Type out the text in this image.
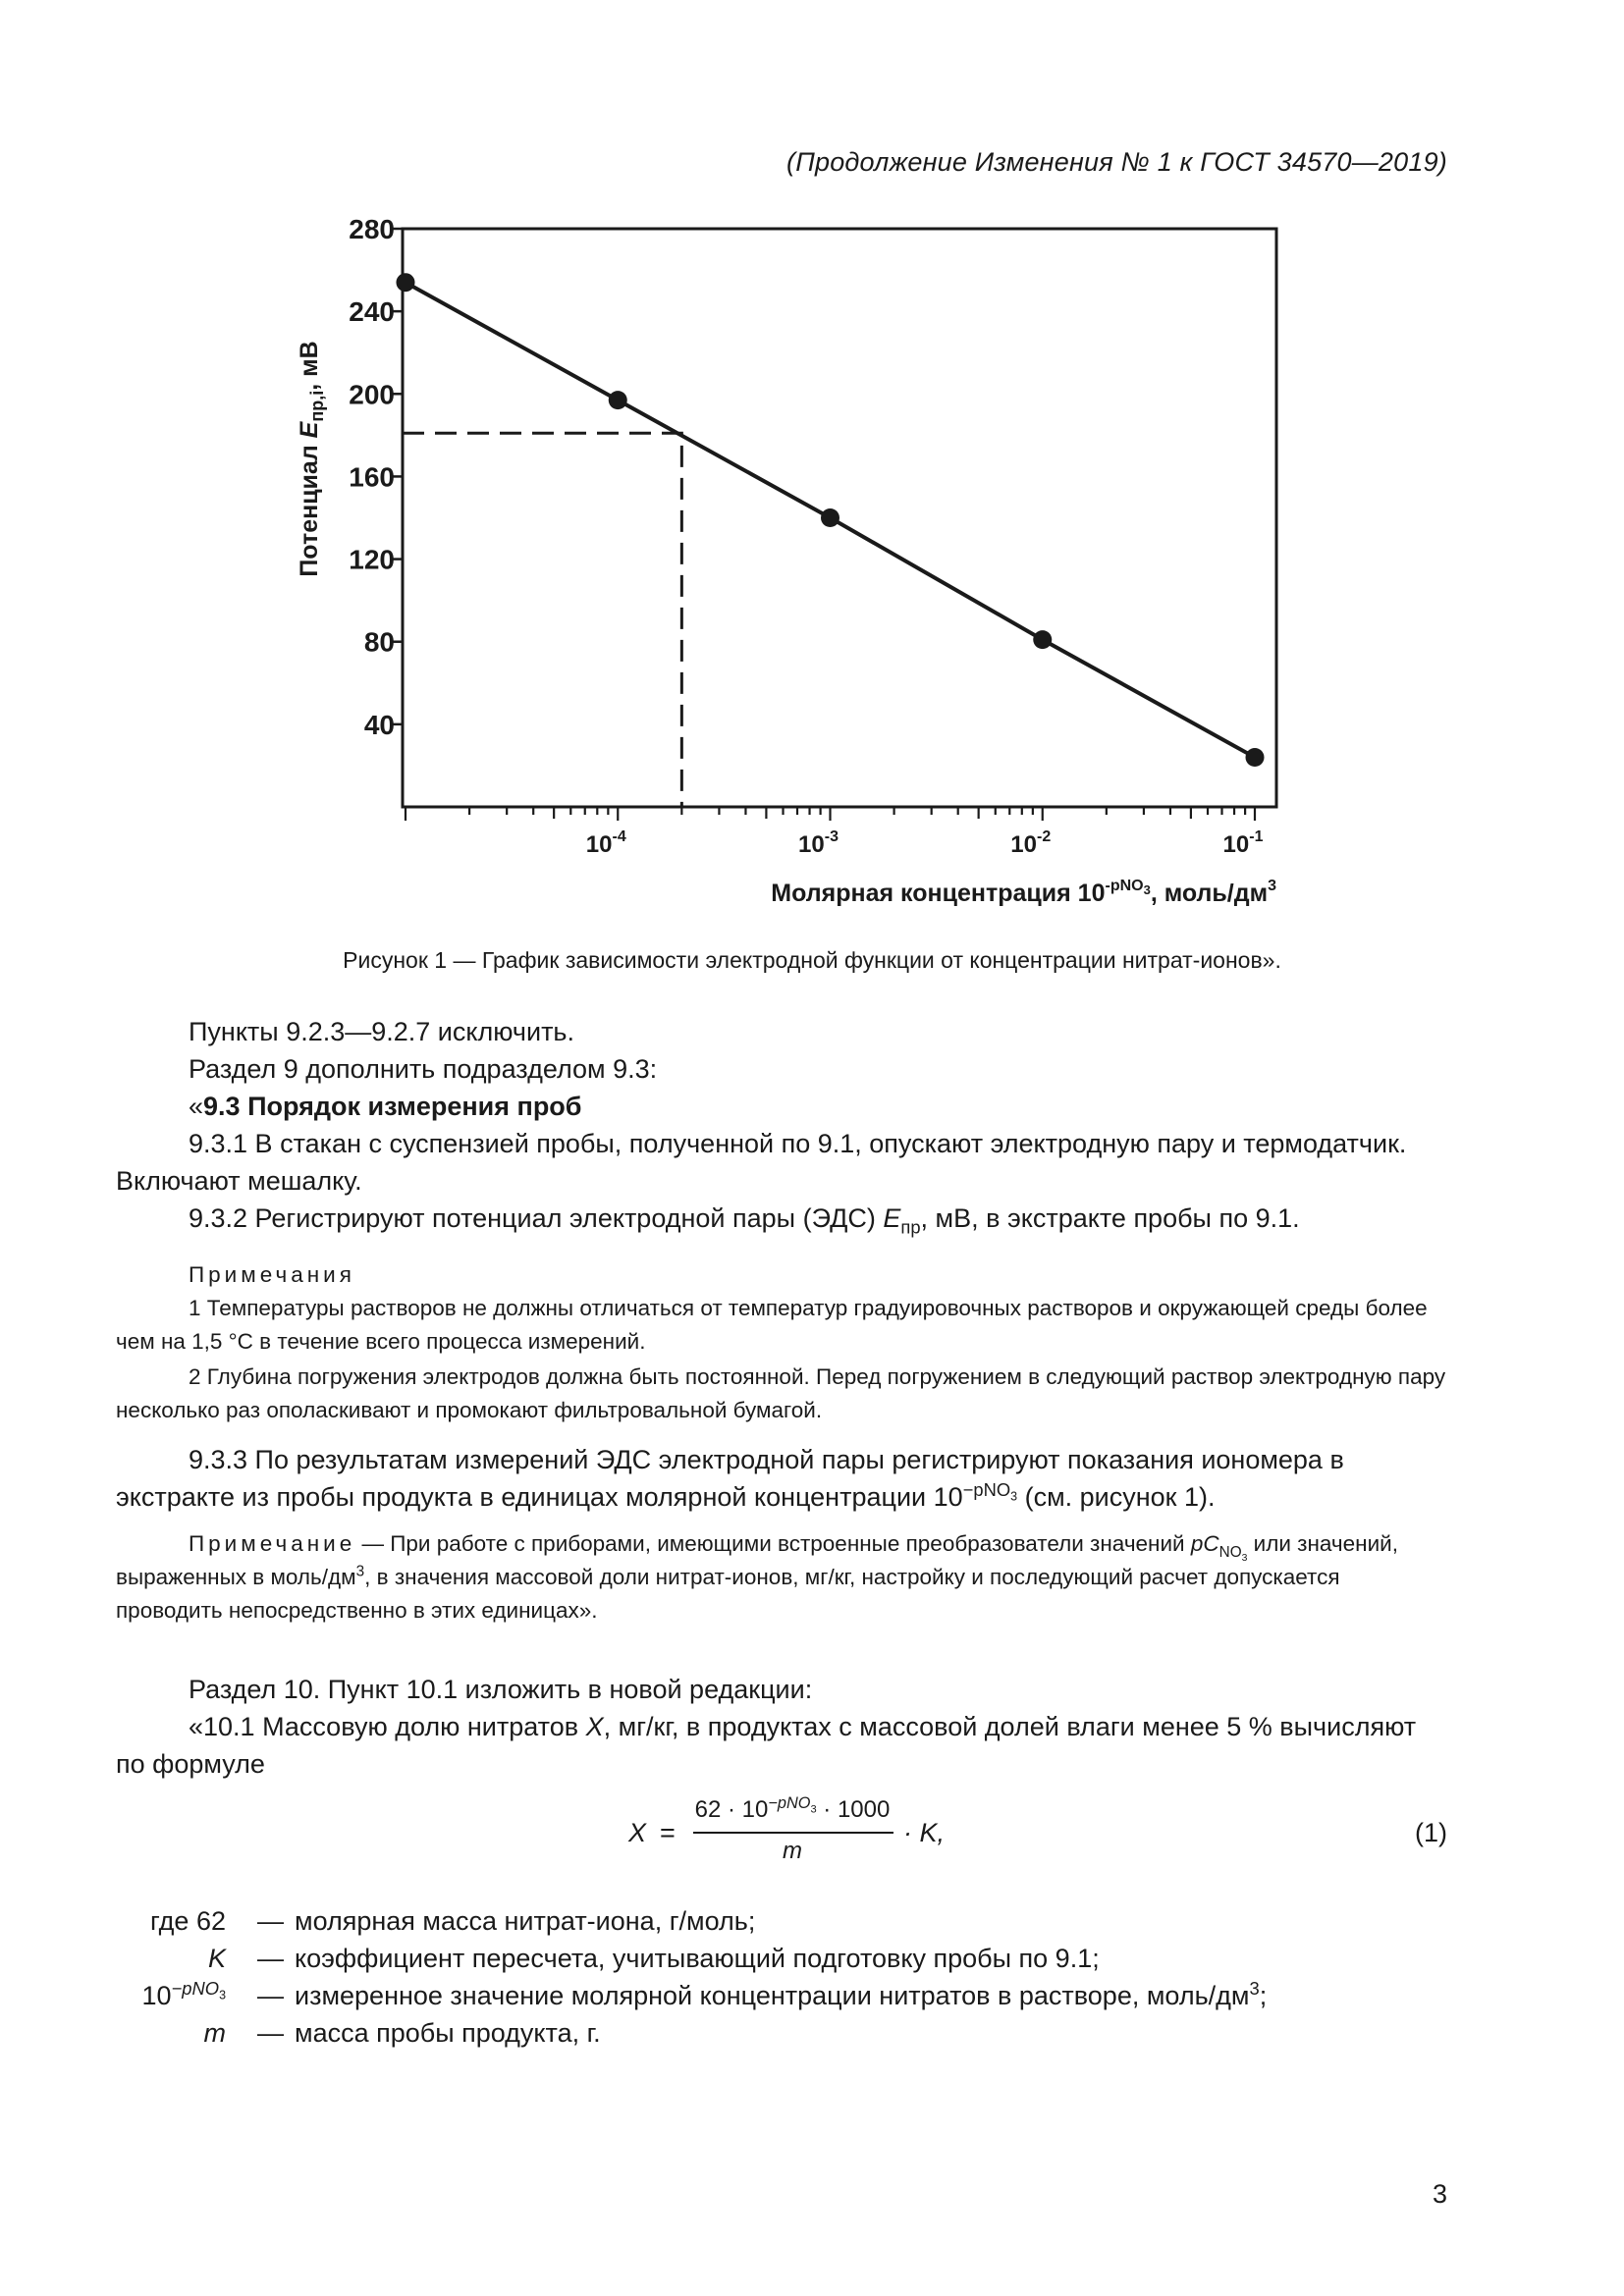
(Продолжение Изменения № 1 к ГОСТ 34570—2019)
40
80
120
160
200
240
280
$10^{-4}$	$10^{-3}$	$10^{-2}$	$10^{-1}$
Потенциал $E_{пр,i}$, мВ
Молярная концентрация $10^{-pNO}3$, моль/$дм^3$
Рисунок 1 — График зависимости электродной функции от концентрации нитрат-ионов».
Пункты 9.2.3—9.2.7 исключить.
Раздел 9 дополнить подразделом 9.3:
«9.3 Порядок измерения проб
9.3.1 В стакан с суспензией пробы, полученной по 9.1, опускают электродную пару и термодатчик. Включают мешалку.
9.3.2 Регистрируют потенциал электродной пары (ЭДС) $E_{пр}$, мВ, в экстракте пробы по 9.1.
Примечания
1 Температуры растворов не должны отличаться от температур градуировочных растворов и окружающей среды более чем на 1,5 °С в течение всего процесса измерений.
2 Глубина погружения электродов должна быть постоянной. Перед погружением в следующий раствор электродную пару несколько раз ополаскивают и промокают фильтровальной бумагой.
9.3.3 По результатам измерений ЭДС электродной пары регистрируют показания иономера в экстракте из пробы продукта в единицах молярной концентрации $10^{-pNO_3}$ (см. рисунок 1).
Примечание — При работе с приборами, имеющими встроенные преобразователи значений $pC_{NO_3}$ или значений, выраженных в моль/$дм^3$, в значения массовой доли нитрат-ионов, мг/кг, настройку и последующий расчет допускается проводить непосредственно в этих единицах».
Раздел 10. Пункт 10.1 изложить в новой редакции:
«10.1 Массовую долю нитратов X, мг/кг, в продуктах с массовой долей влаги менее 5 % вычисляют по формуле
X =
$62 \cdot 10^{-pNO_3} \cdot 1000$
m
· K,	(1)
где 62 — молярная масса нитрат-иона, г/моль;
K — коэффициент пересчета, учитывающий подготовку пробы по 9.1;
$10^{-pNO_3}$ — измеренное значение молярной концентрации нитратов в растворе, моль/$дм^3$;
m — масса пробы продукта, г.
3
